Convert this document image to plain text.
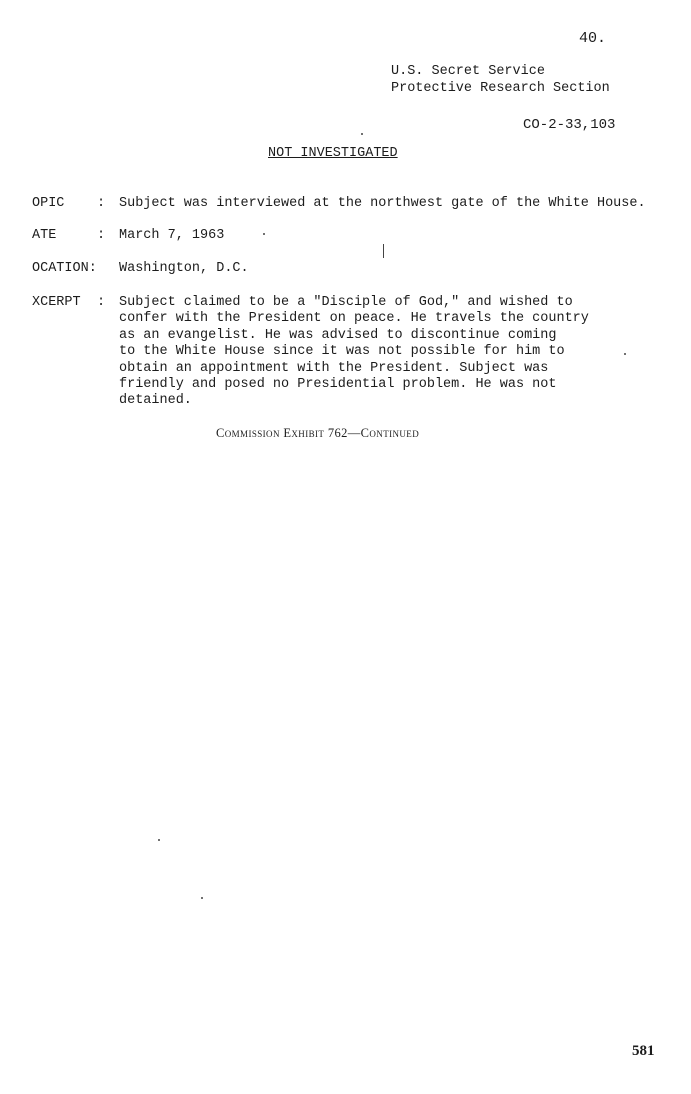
40.
U.S. Secret Service
Protective Research Section
CO-2-33,103
NOT INVESTIGATED
OPIC : Subject was interviewed at the northwest gate of the White House.
ATE	: March 7, 1963
OCATION: Washington, D.C.
XCERPT : Subject claimed to be a "Disciple of God," and wished to
confer with the President on peace. He travels the country
as an evangelist. He was advised to discontinue coming
to the White House since it was not possible for him to
obtain an appointment with the President. Subject was
friendly and posed no Presidential problem. He was not
detained.
Commission Exhibit 762—Continued
581
